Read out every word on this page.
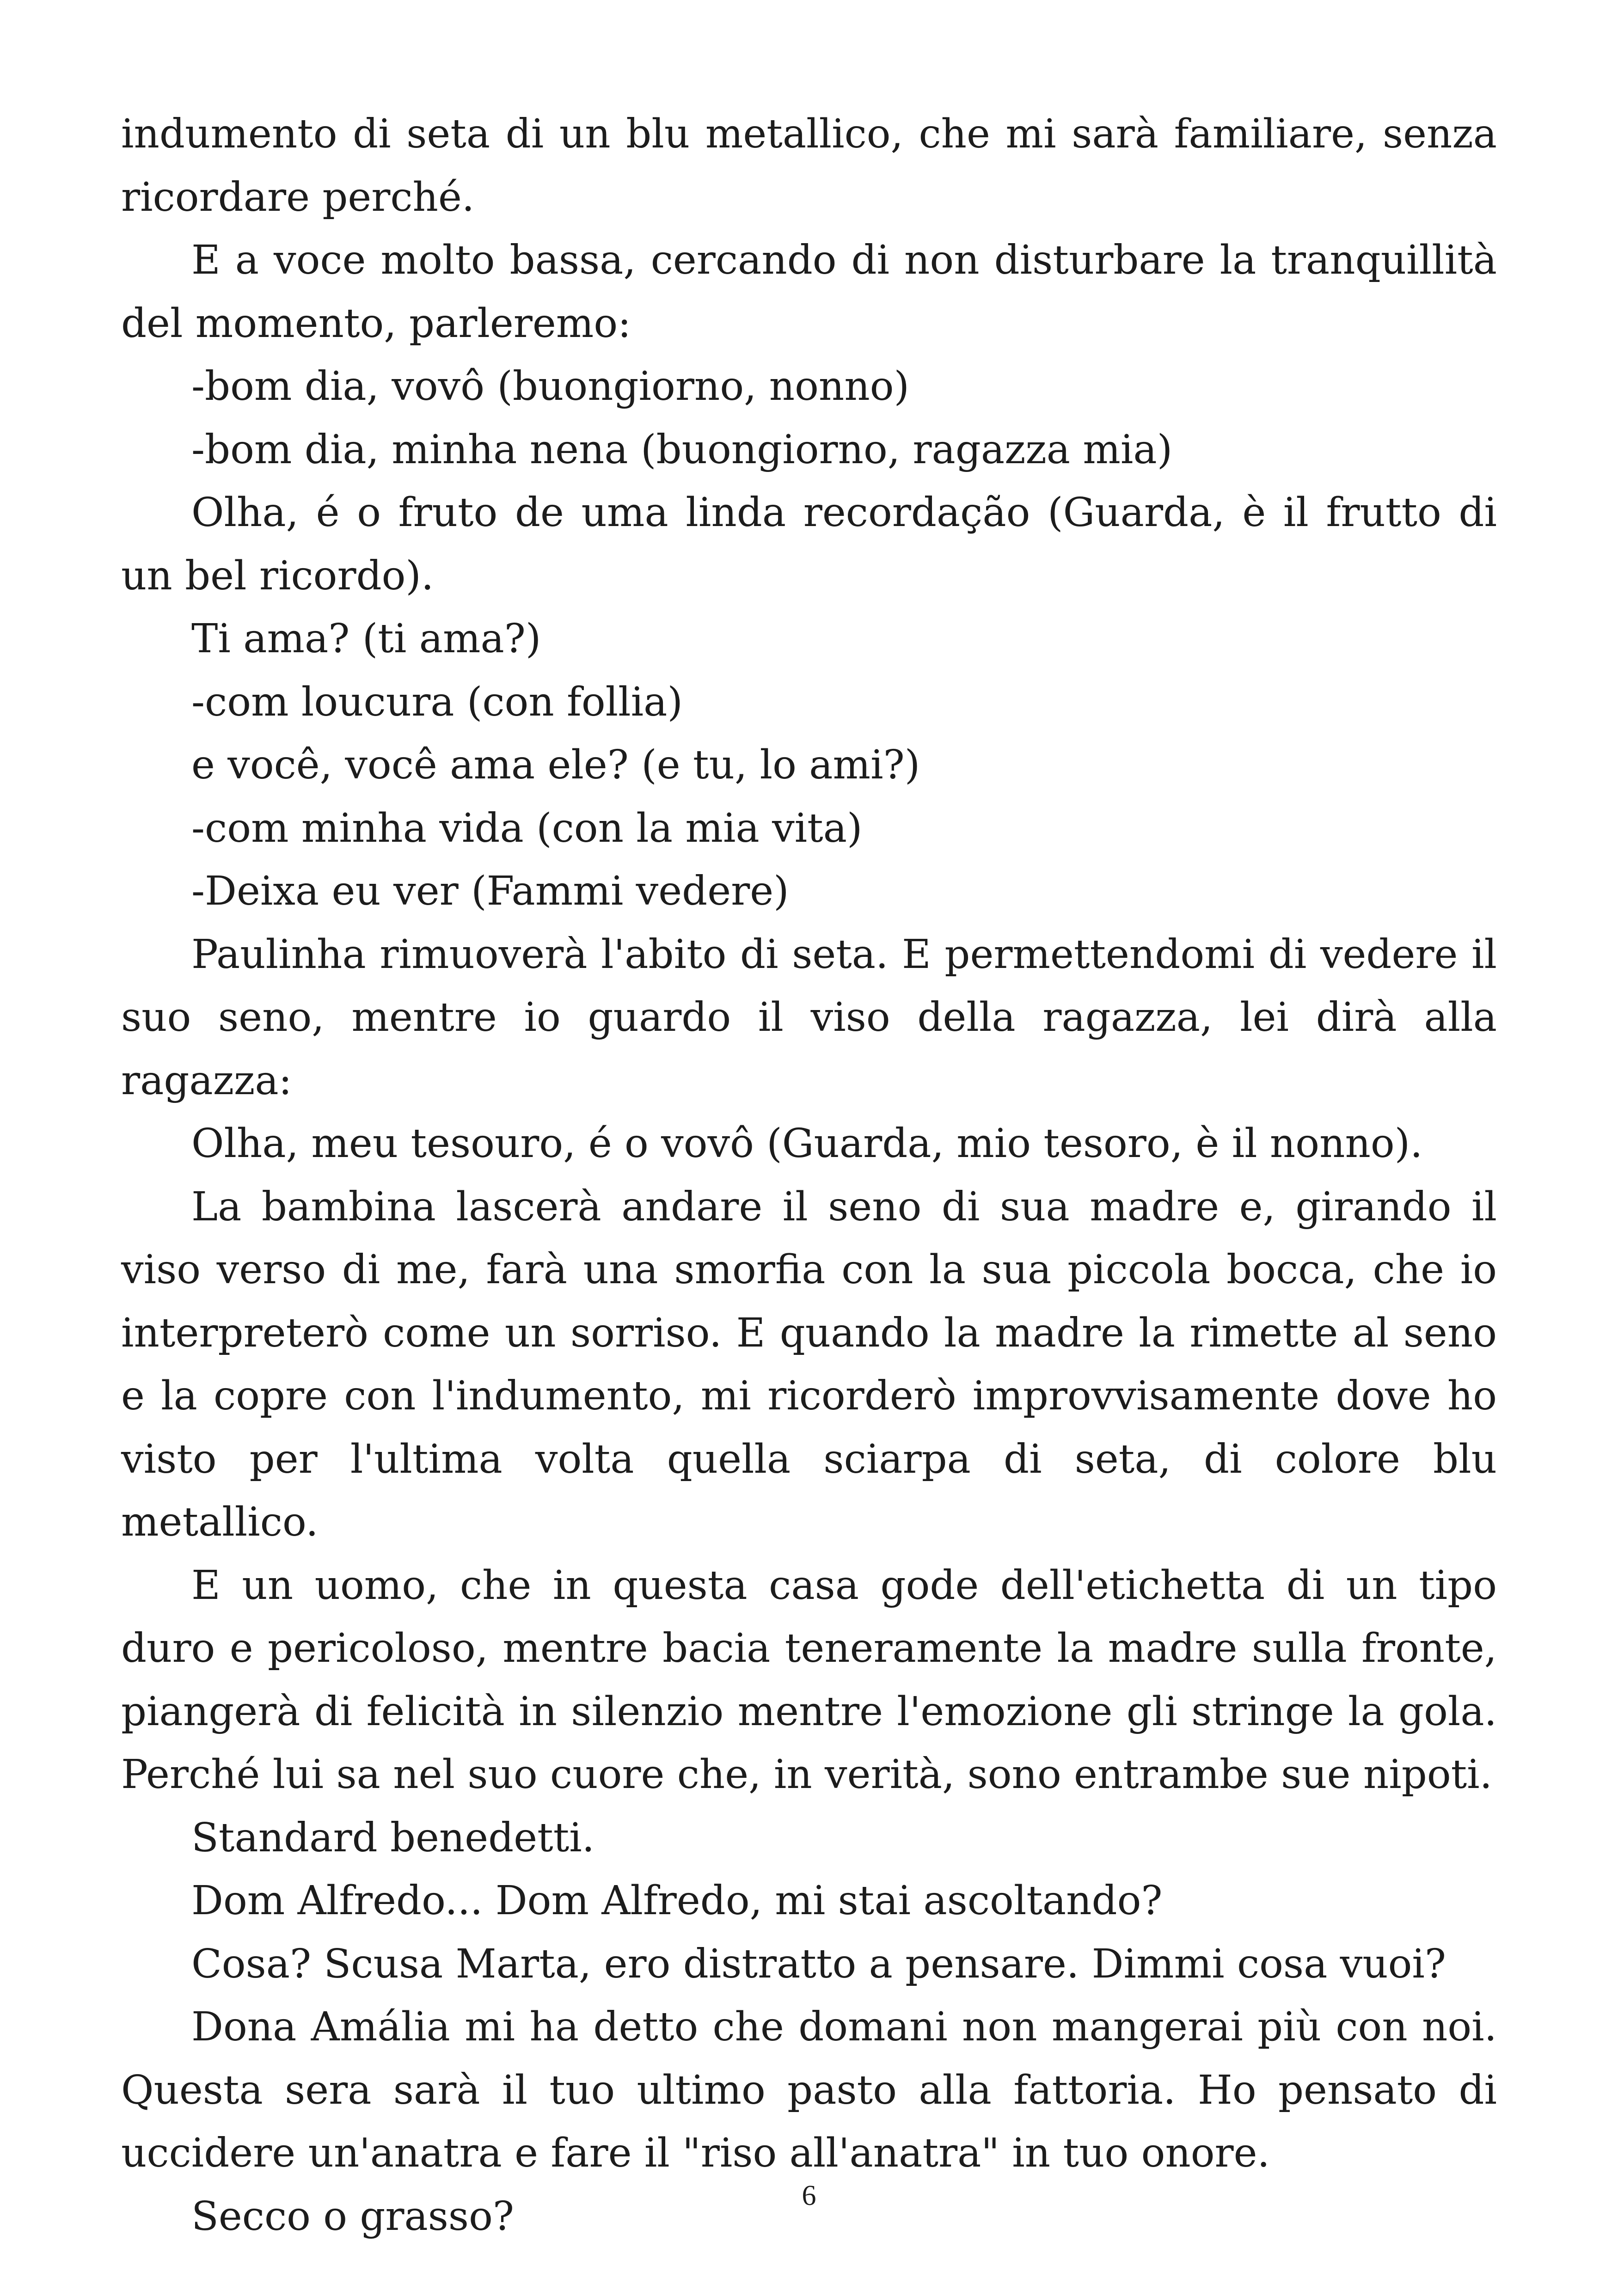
indumento di seta di un blu metallico, che mi sarà familiare, senza ricordare perché.

E a voce molto bassa, cercando di non disturbare la tranquillità del momento, parleremo:

-bom dia, vovô (buongiorno, nonno)

-bom dia, minha nena (buongiorno, ragazza mia)

Olha, é o fruto de uma linda recordação (Guarda, è il frutto di un bel ricordo).

Ti ama? (ti ama?)

-com loucura (con follia)

e você, você ama ele? (e tu, lo ami?)

-com minha vida (con la mia vita)

-Deixa eu ver (Fammi vedere)

Paulinha rimuoverà l'abito di seta. E permettendomi di vedere il suo seno, mentre io guardo il viso della ragazza, lei dirà alla ragazza:

Olha, meu tesouro, é o vovô (Guarda, mio tesoro, è il nonno).

La bambina lascerà andare il seno di sua madre e, girando il viso verso di me, farà una smorfia con la sua piccola bocca, che io interpreterò come un sorriso. E quando la madre la rimette al seno e la copre con l'indumento, mi ricorderò improvvisamente dove ho visto per l'ultima volta quella sciarpa di seta, di colore blu metallico.

E un uomo, che in questa casa gode dell'etichetta di un tipo duro e pericoloso, mentre bacia teneramente la madre sulla fronte, piangerà di felicità in silenzio mentre l'emozione gli stringe la gola. Perché lui sa nel suo cuore che, in verità, sono entrambe sue nipoti.

Standard benedetti.

Dom Alfredo... Dom Alfredo, mi stai ascoltando?

Cosa? Scusa Marta, ero distratto a pensare. Dimmi cosa vuoi?

Dona Amália mi ha detto che domani non mangerai più con noi. Questa sera sarà il tuo ultimo pasto alla fattoria. Ho pensato di uccidere un'anatra e fare il "riso all'anatra" in tuo onore.

Secco o grasso?	6
